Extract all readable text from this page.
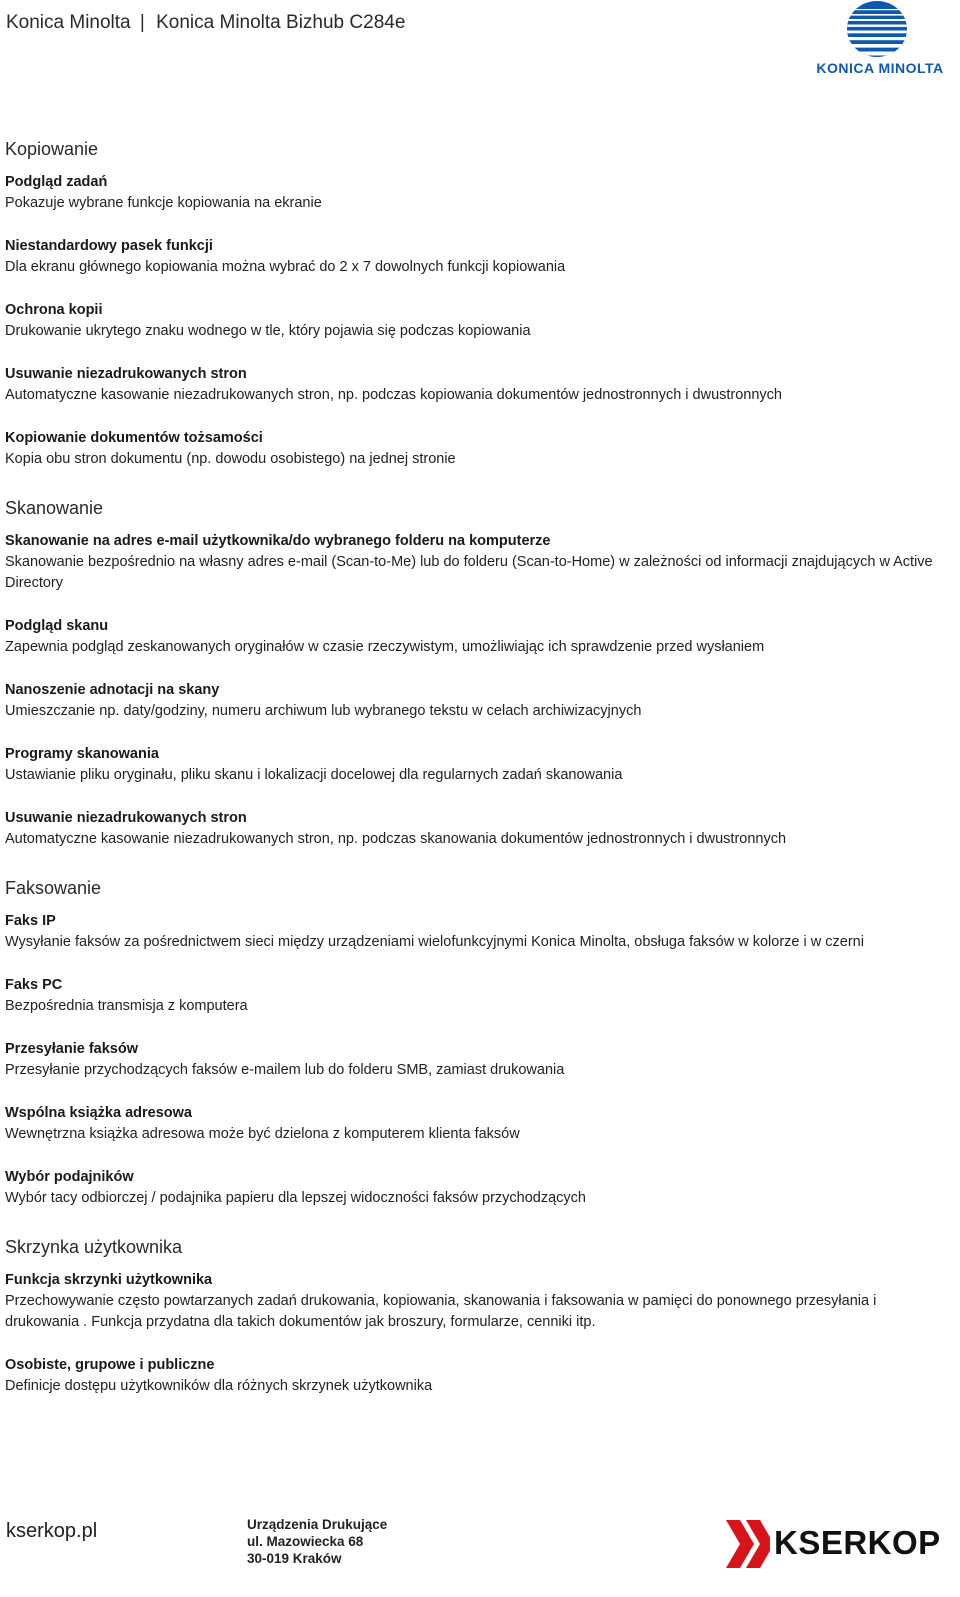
Konica Minolta | Konica Minolta Bizhub C284e
KONICA MINOLTA
Kopiowanie
Podgląd zadań
Pokazuje wybrane funkcje kopiowania na ekranie
Niestandardowy pasek funkcji
Dla ekranu głównego kopiowania można wybrać do 2 x 7 dowolnych funkcji kopiowania
Ochrona kopii
Drukowanie ukrytego znaku wodnego w tle, który pojawia się podczas kopiowania
Usuwanie niezadrukowanych stron
Automatyczne kasowanie niezadrukowanych stron, np. podczas kopiowania dokumentów jednostronnych i dwustronnych
Kopiowanie dokumentów tożsamości
Kopia obu stron dokumentu (np. dowodu osobistego) na jednej stronie
Skanowanie
Skanowanie na adres e-mail użytkownika/do wybranego folderu na komputerze
Skanowanie bezpośrednio na własny adres e-mail (Scan-to-Me) lub do folderu (Scan-to-Home) w zależności od informacji znajdujących w Active Directory
Podgląd skanu
Zapewnia podgląd zeskanowanych oryginałów w czasie rzeczywistym, umożliwiając ich sprawdzenie przed wysłaniem
Nanoszenie adnotacji na skany
Umieszczanie np. daty/godziny, numeru archiwum lub wybranego tekstu w celach archiwizacyjnych
Programy skanowania
Ustawianie pliku oryginału, pliku skanu i lokalizacji docelowej dla regularnych zadań skanowania
Usuwanie niezadrukowanych stron
Automatyczne kasowanie niezadrukowanych stron, np. podczas skanowania dokumentów jednostronnych i dwustronnych
Faksowanie
Faks IP
Wysyłanie faksów za pośrednictwem sieci między urządzeniami wielofunkcyjnymi Konica Minolta, obsługa faksów w kolorze i w czerni
Faks PC
Bezpośrednia transmisja z komputera
Przesyłanie faksów
Przesyłanie przychodzących faksów e-mailem lub do folderu SMB, zamiast drukowania
Wspólna książka adresowa
Wewnętrzna książka adresowa może być dzielona z komputerem klienta faksów
Wybór podajników
Wybór tacy odbiorczej / podajnika papieru dla lepszej widoczności faksów przychodzących
Skrzynka użytkownika
Funkcja skrzynki użytkownika
Przechowywanie często powtarzanych zadań drukowania, kopiowania, skanowania i faksowania w pamięci do ponownego przesyłania i drukowania . Funkcja przydatna dla takich dokumentów jak broszury, formularze, cenniki itp.
Osobiste, grupowe i publiczne
Definicje dostępu użytkowników dla różnych skrzynek użytkownika
kserkop.pl	Urządzenia Drukujące
ul. Mazowiecka 68
30-019 Kraków	KSERKOP
